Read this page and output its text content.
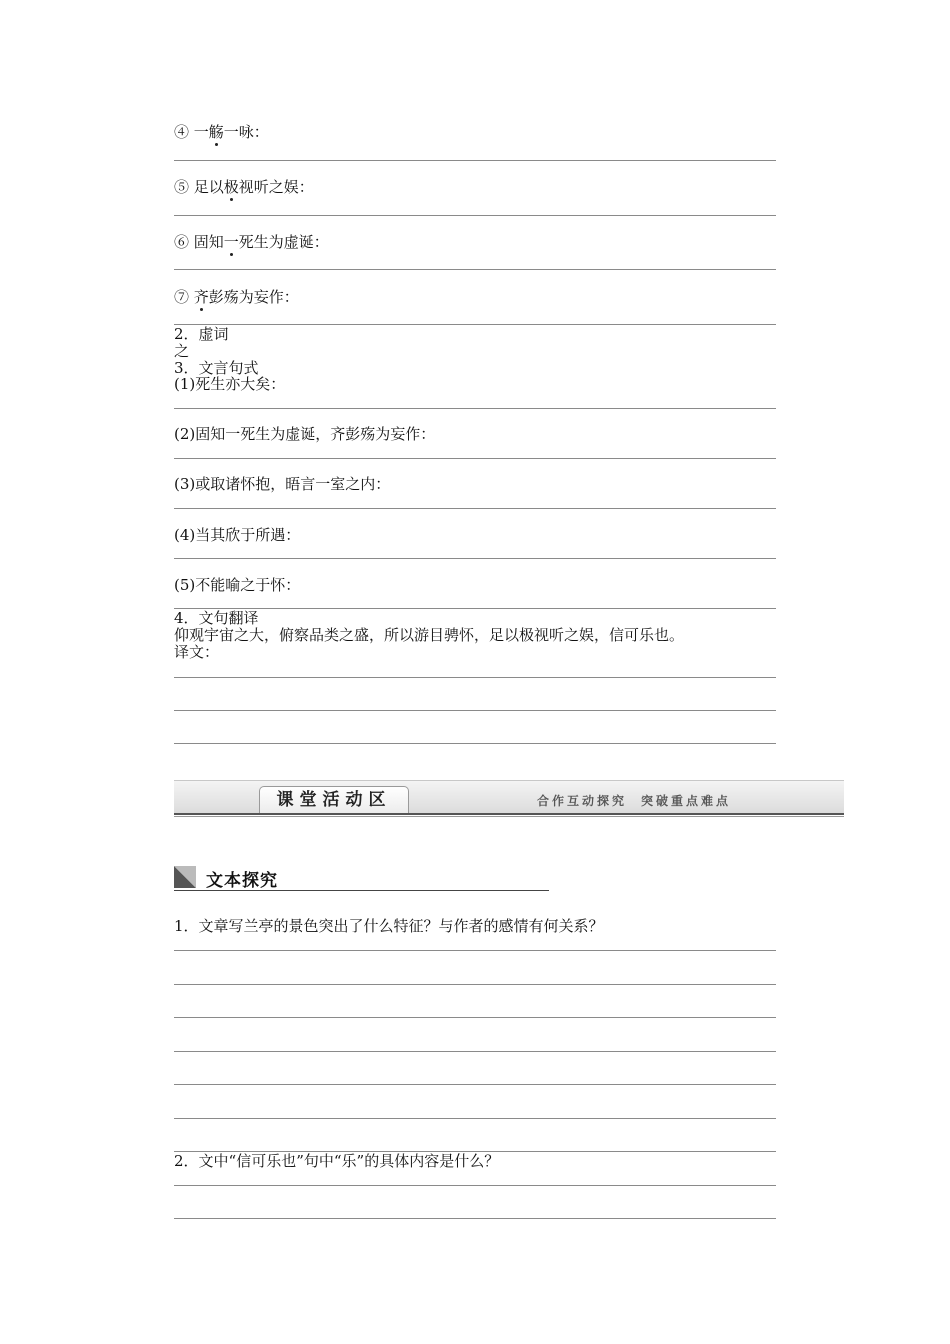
④ 一觞一咏：
⑤ 足以极视听之娱：
⑥ 固知一死生为虚诞：
⑦ 齐彭殇为妄作：
2．虚词
之
3．文言句式
(1)死生亦大矣：
(2)固知一死生为虚诞，齐彭殇为妄作：
(3)或取诸怀抱，晤言一室之内：
(4)当其欣于所遇：
(5)不能喻之于怀：
4．文句翻译
仰观宇宙之大，俯察品类之盛，所以游目骋怀，足以极视听之娱，信可乐也。
译文：
课堂活动区	合作互动探究 突破重点难点
文本探究
1．文章写兰亭的景色突出了什么特征？与作者的感情有何关系？
2．文中“信可乐也”句中“乐”的具体内容是什么？
